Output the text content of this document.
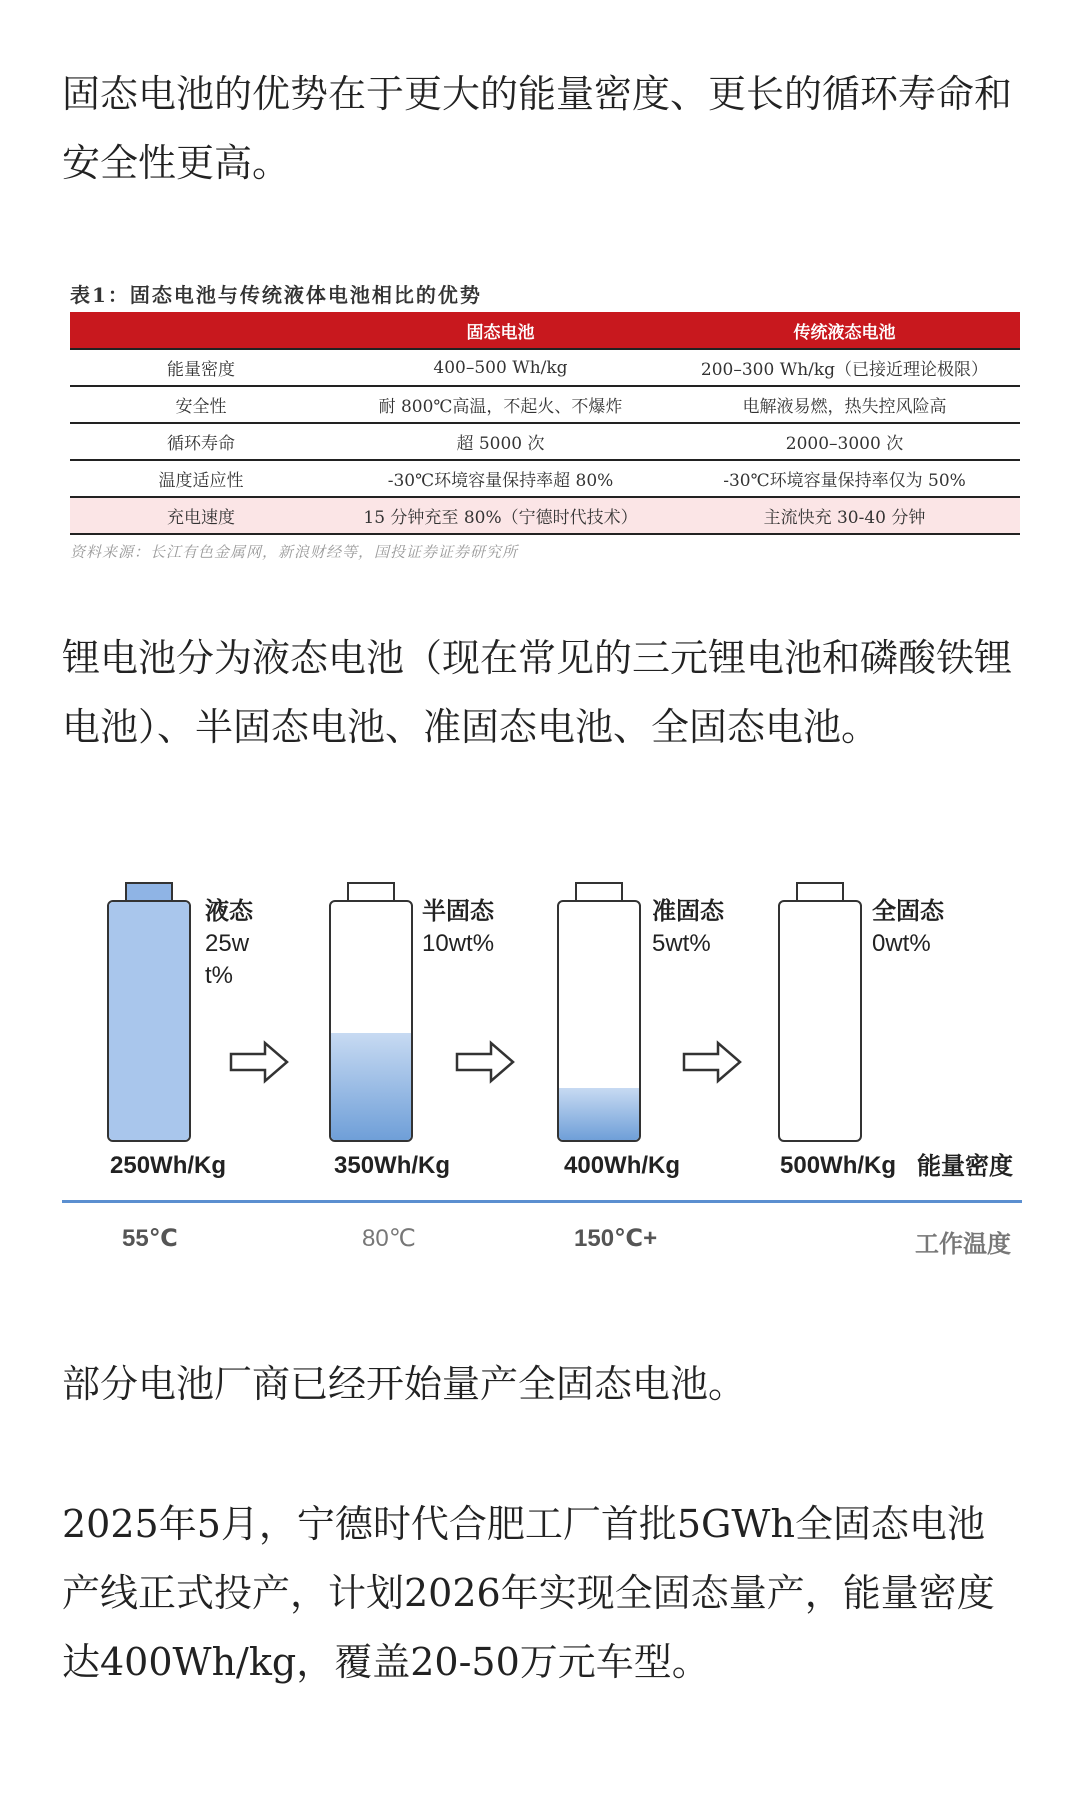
固态电池的优势在于更大的能量密度、更长的循环寿命和安全性更高。

表1：固态电池与传统液体电池相比的优势
	固态电池	传统液态电池
能量密度	400–500 Wh/kg	200–300 Wh/kg（已接近理论极限）
安全性	耐 800℃高温，不起火、不爆炸	电解液易燃，热失控风险高
循环寿命	超 5000 次	2000–3000 次
温度适应性	-30℃环境容量保持率超 80%	-30℃环境容量保持率仅为 50%
充电速度	15 分钟充至 80%（宁德时代技术）	主流快充 30-40 分钟
资料来源：长江有色金属网，新浪财经等，国投证券证券研究所

锂电池分为液态电池（现在常见的三元锂电池和磷酸铁锂电池）、半固态电池、准固态电池、全固态电池。

液态
25wt%
半固态
10wt%
准固态
5wt%
全固态
0wt%
250Wh/Kg	350Wh/Kg	400Wh/Kg	500Wh/Kg 能量密度
55℃	80℃	150℃+	工作温度

部分电池厂商已经开始量产全固态电池。

2025年5月，宁德时代合肥工厂首批5GWh全固态电池产线正式投产，计划2026年实现全固态量产，能量密度达400Wh/kg，覆盖20-50万元车型。
